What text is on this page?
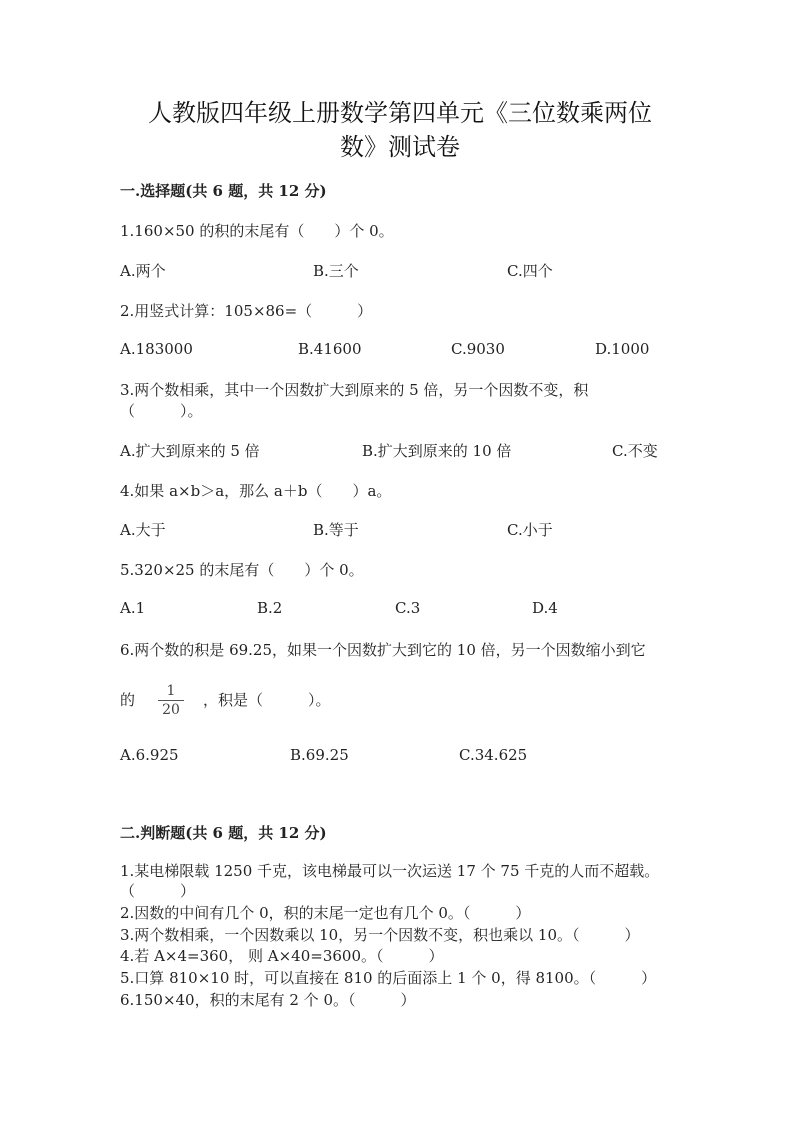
人教版四年级上册数学第四单元《三位数乘两位
数》测试卷
一.选择题(共 6 题，共 12 分)
1.160×50 的积的末尾有（　　）个 0。
A.两个	B.三个	C.四个
2.用竖式计算：105×86=（　　　）
A.183000	B.41600	C.9030	D.1000
3.两个数相乘，其中一个因数扩大到原来的 5 倍，另一个因数不变，积
（　　　）。
A.扩大到原来的 5 倍	B.扩大到原来的 10 倍	C.不变
4.如果 a×b＞a，那么 a＋b（　　）a。
A.大于	B.等于	C.小于
5.320×25 的末尾有（　　）个 0。
A.1	B.2	C.3	D.4
6.两个数的积是 69.25，如果一个因数扩大到它的 10 倍，另一个因数缩小到它
的	1
20
，积是（　　　）。
A.6.925	B.69.25	C.34.625
二.判断题(共 6 题，共 12 分)
1.某电梯限载 1250 千克，该电梯最可以一次运送 17 个 75 千克的人而不超载。
（　　　）
2.因数的中间有几个 0，积的末尾一定也有几个 0。（　　　）
3.两个数相乘，一个因数乘以 10，另一个因数不变，积也乘以 10。（　　　）
4.若 A×4=360， 则 A×40=3600。（　　　）
5.口算 810×10 时，可以直接在 810 的后面添上 1 个 0，得 8100。（　　　）
6.150×40，积的末尾有 2 个 0。（　　　）
